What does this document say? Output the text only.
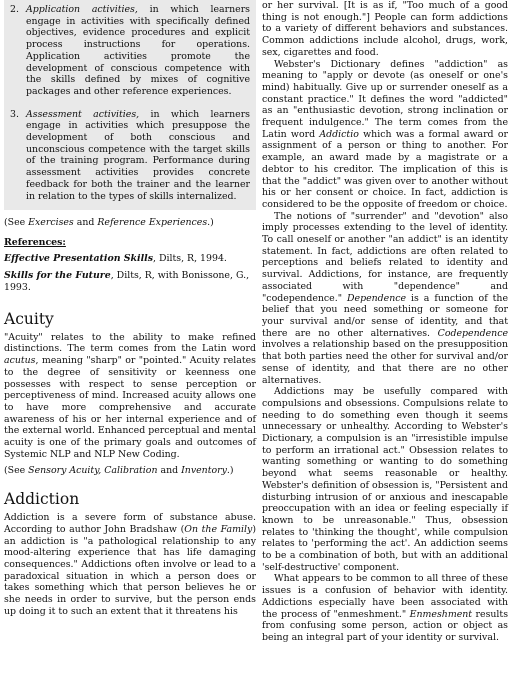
2. Application activities, in which learners engage in activities with specifically defined objectives, evidence procedures and explicit process instructions for operations. Application activities promote the development of conscious competence with the skills defined by mixes of cognitive packages and other reference experiences.
3. Assessment activities, in which learners engage in activities which presuppose the development of both conscious and unconscious competence with the target skills of the training program. Performance during assessment activities provides concrete feedback for both the trainer and the learner in relation to the types of skills internalized.

(See Exercises and Reference Experiences.)

References:

Effective Presentation Skills, Dilts, R, 1994.

Skills for the Future, Dilts, R, with Bonissone, G., 1993.

Acuity

"Acuity" relates to the ability to make refined distinctions. The term comes from the Latin word acutus, meaning "sharp" or "pointed." Acuity relates to the degree of sensitivity or keenness one possesses with respect to sense perception or perceptiveness of mind. Increased acuity allows one to have more comprehensive and accurate awareness of his or her internal experience and of the external world. Enhanced perceptual and mental acuity is one of the primary goals and outcomes of Systemic NLP and NLP New Coding.

(See Sensory Acuity, Calibration and Inventory.)

Addiction

Addiction is a severe form of substance abuse. According to author John Bradshaw (On the Family) an addiction is "a pathological relationship to any mood-altering experience that has life damaging consequences." Addictions often involve or lead to a paradoxical situation in which a person does or takes something which that person believes he or she needs in order to survive, but the person ends up doing it to such an extent that it threatens his

or her survival. [It is as if, "Too much of a good thing is not enough."] People can form addictions to a variety of different behaviors and substances. Common addictions include alcohol, drugs, work, sex, cigarettes and food.

Webster's Dictionary defines "addiction" as meaning to "apply or devote (as oneself or one's mind) habitually. Give up or surrender oneself as a constant practice." It defines the word "addicted" as an "enthusiastic devotion, strong inclination or frequent indulgence." The term comes from the Latin word Addictio which was a formal award or assignment of a person or thing to another. For example, an award made by a magistrate or a debtor to his creditor. The implication of this is that the "addict" was given over to another without his or her consent or choice. In fact, addiction is considered to be the opposite of freedom or choice.

The notions of "surrender" and "devotion" also imply processes extending to the level of identity. To call oneself or another "an addict" is an identity statement. In fact, addictions are often related to perceptions and beliefs related to identity and survival. Addictions, for instance, are frequently associated with "dependence" and "codependence." Dependence is a function of the belief that you need something or someone for your survival and/or sense of identity, and that there are no other alternatives. Codependence involves a relationship based on the presupposition that both parties need the other for survival and/or sense of identity, and that there are no other alternatives.

Addictions may be usefully compared with compulsions and obsessions. Compulsions relate to needing to do something even though it seems unnecessary or unhealthy. According to Webster's Dictionary, a compulsion is an "irresistible impulse to perform an irrational act." Obsession relates to wanting something or wanting to do something beyond what seems reasonable or healthy. Webster's definition of obsession is, "Persistent and disturbing intrusion of or anxious and inescapable preoccupation with an idea or feeling especially if known to be unreasonable." Thus, obsession relates to 'thinking the thought', while compulsion relates to 'performing the act'. An addiction seems to be a combination of both, but with an additional 'self-destructive' component.

What appears to be common to all three of these issues is a confusion of behavior with identity. Addictions especially have been associated with the process of "enmeshment." Enmeshment results from confusing some person, action or object as being an integral part of your identity or survival.
